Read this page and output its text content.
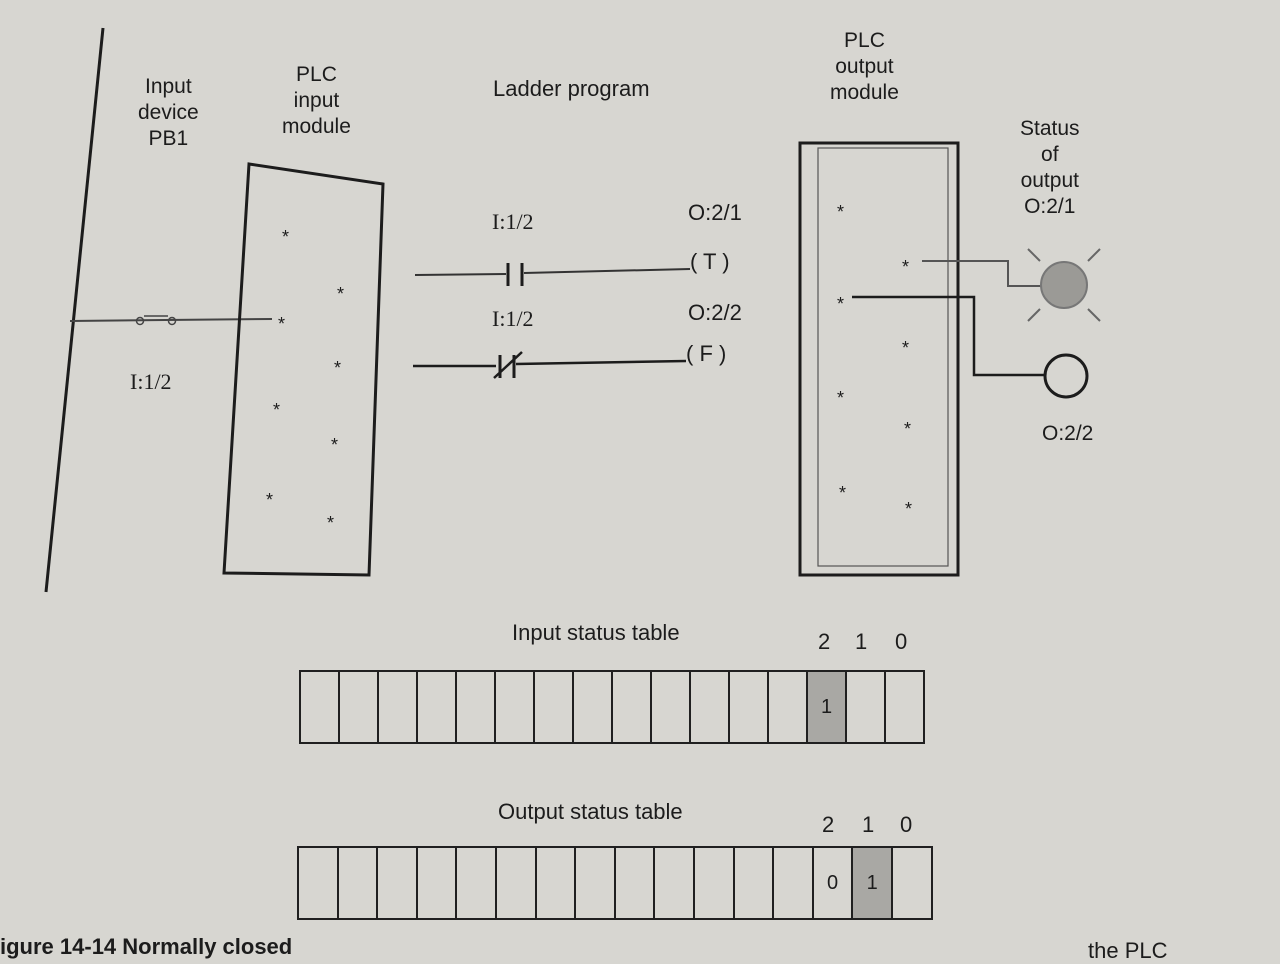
*
*
*
*
*
*
*
*
*
*
*
*
*
*
*
*
Input
device
PB1
PLC
input
module
Ladder program
PLC
output
module
Status
of
output
O:2/1
I:1/2
I:1/2	O:2/1
( T )
I:1/2	O:2/2
( F )
O:2/2
Input status table	2 1 0
1
Output status table
2 1 0
0	1
igure 14-14 Normally closed	the PLC
